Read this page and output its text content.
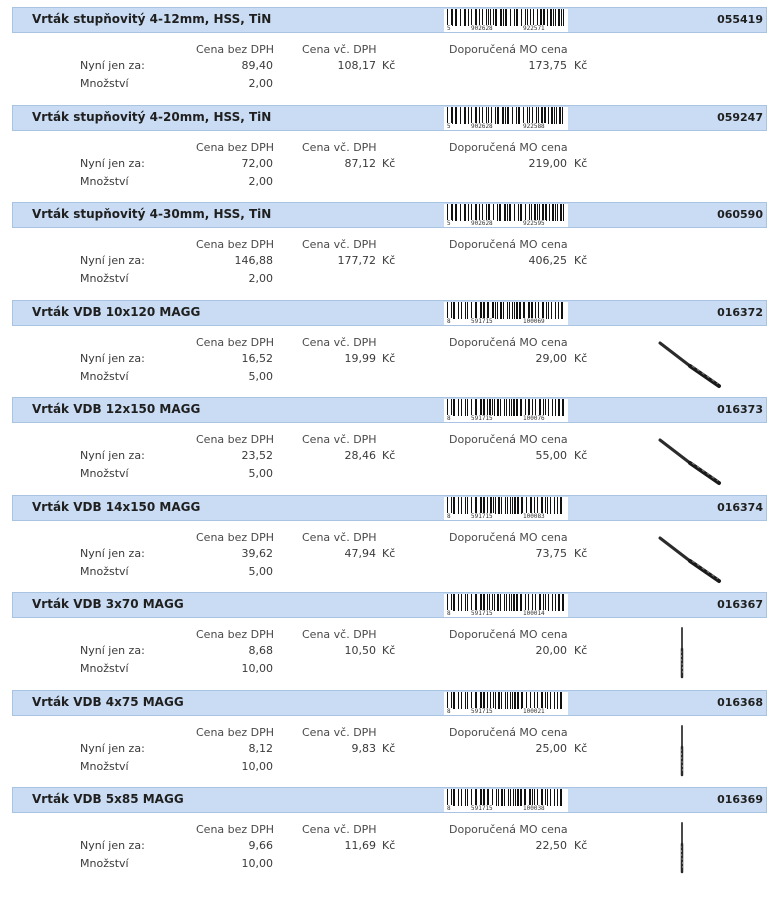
Vrták stupňovitý 4-12mm, HSS, TiN
5	902628	922571
055419
Cena bez DPH	Cena vč. DPH	Doporučená MO cena
Nyní jen za:	89,40	108,17 Kč	173,75 Kč
Množství	2,00
Vrták stupňovitý 4-20mm, HSS, TiN
5	902628	922588
059247
Cena bez DPH	Cena vč. DPH	Doporučená MO cena
Nyní jen za:	72,00	87,12 Kč	219,00 Kč
Množství	2,00
Vrták stupňovitý 4-30mm, HSS, TiN
5	902628	922595
060590
Cena bez DPH	Cena vč. DPH	Doporučená MO cena
Nyní jen za:	146,88	177,72 Kč	406,25 Kč
Množství	2,00
Vrták VDB 10x120 MAGG
8	591715	100069
016372
Cena bez DPH	Cena vč. DPH	Doporučená MO cena
Nyní jen za:	16,52	19,99 Kč	29,00 Kč
Množství	5,00
Vrták VDB 12x150 MAGG
8	591715	100076
016373
Cena bez DPH	Cena vč. DPH	Doporučená MO cena
Nyní jen za:	23,52	28,46 Kč	55,00 Kč
Množství	5,00
Vrták VDB 14x150 MAGG
8	591715	100083
016374
Cena bez DPH	Cena vč. DPH	Doporučená MO cena
Nyní jen za:	39,62	47,94 Kč	73,75 Kč
Množství	5,00
Vrták VDB 3x70 MAGG
8	591715	100014
016367
Cena bez DPH	Cena vč. DPH	Doporučená MO cena
Nyní jen za:	8,68	10,50 Kč	20,00 Kč
Množství	10,00
Vrták VDB 4x75 MAGG
8	591715	100021
016368
Cena bez DPH	Cena vč. DPH	Doporučená MO cena
Nyní jen za:	8,12	9,83 Kč	25,00 Kč
Množství	10,00
Vrták VDB 5x85 MAGG
8	591715	100038
016369
Cena bez DPH	Cena vč. DPH	Doporučená MO cena
Nyní jen za:	9,66	11,69 Kč	22,50 Kč
Množství	10,00
